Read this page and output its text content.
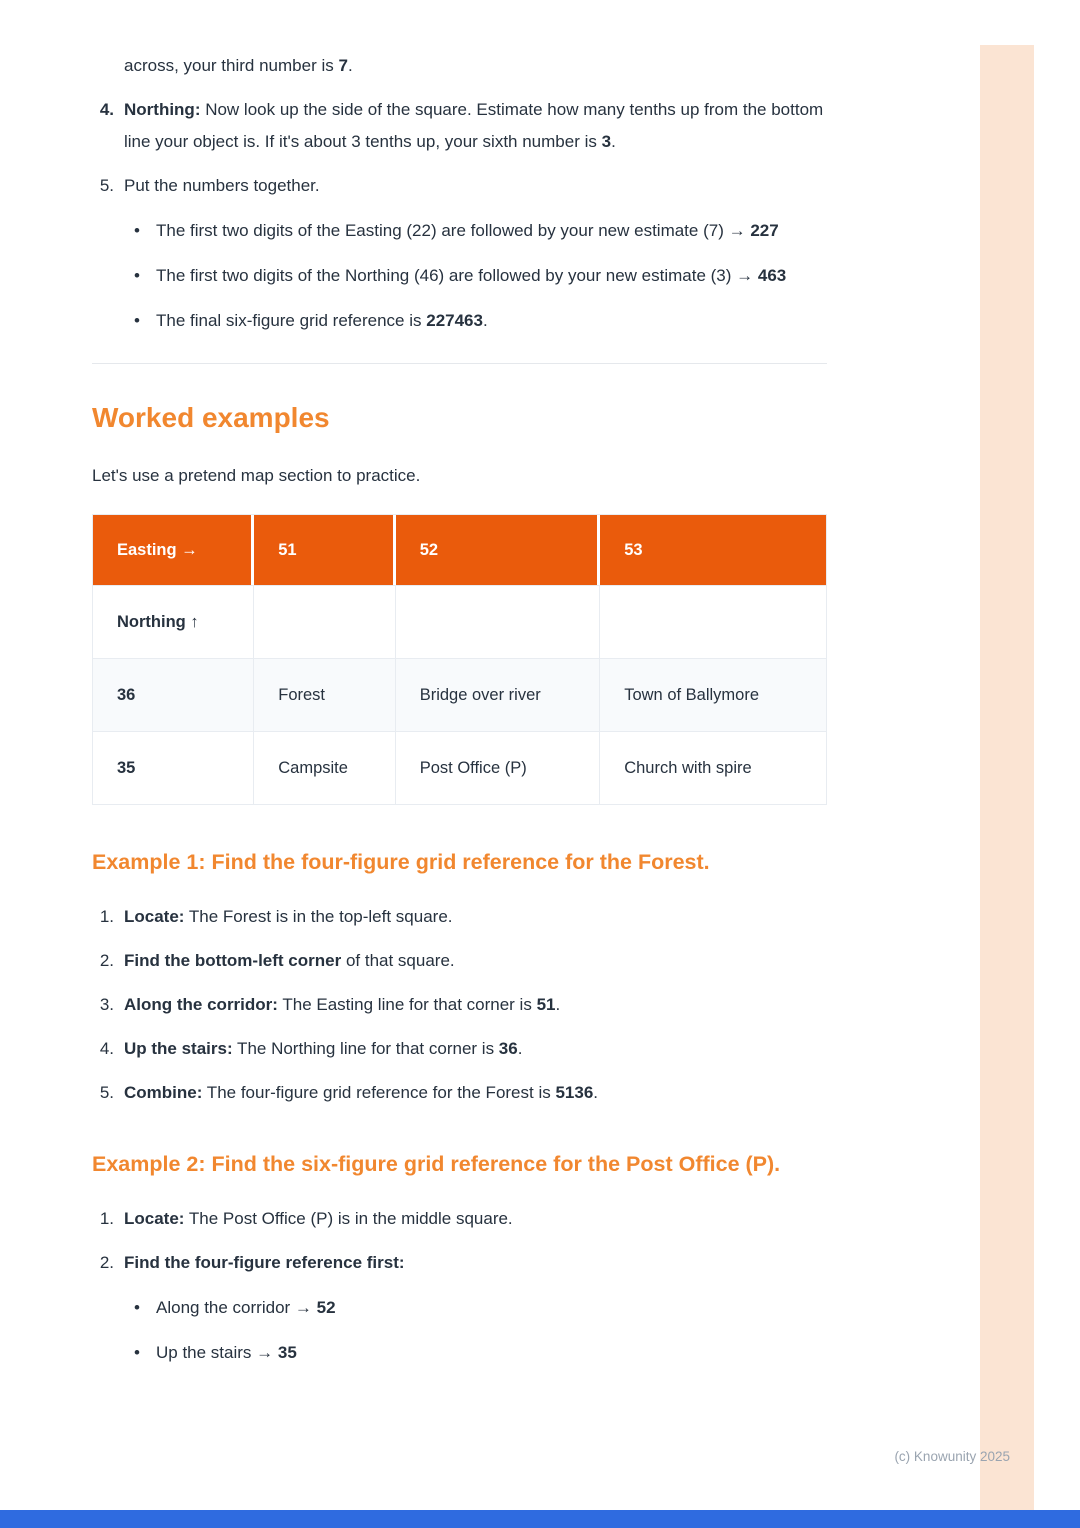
(c) Knowunity 2025
across, your third number is 7.
4. Northing: Now look up the side of the square. Estimate how many tenths up from the bottom line your object is. If it's about 3 tenths up, your sixth number is 3.
5. Put the numbers together.
• The first two digits of the Easting (22) are followed by your new estimate (7) → 227
• The first two digits of the Northing (46) are followed by your new estimate (3) → 463
• The final six-figure grid reference is 227463.
Worked examples

Let's use a pretend map section to practice.

Easting →	51	52	53
Northing ↑			
36	Forest	Bridge over river	Town of Ballymore
35	Campsite	Post Office (P)	Church with spire
Example 1: Find the four-figure grid reference for the Forest.
1. Locate: The Forest is in the top-left square.
2. Find the bottom-left corner of that square.
3. Along the corridor: The Easting line for that corner is 51.
4. Up the stairs: The Northing line for that corner is 36.
5. Combine: The four-figure grid reference for the Forest is 5136.
Example 2: Find the six-figure grid reference for the Post Office (P).
1. Locate: The Post Office (P) is in the middle square.
2. Find the four-figure reference first:
• Along the corridor → 52
• Up the stairs → 35
